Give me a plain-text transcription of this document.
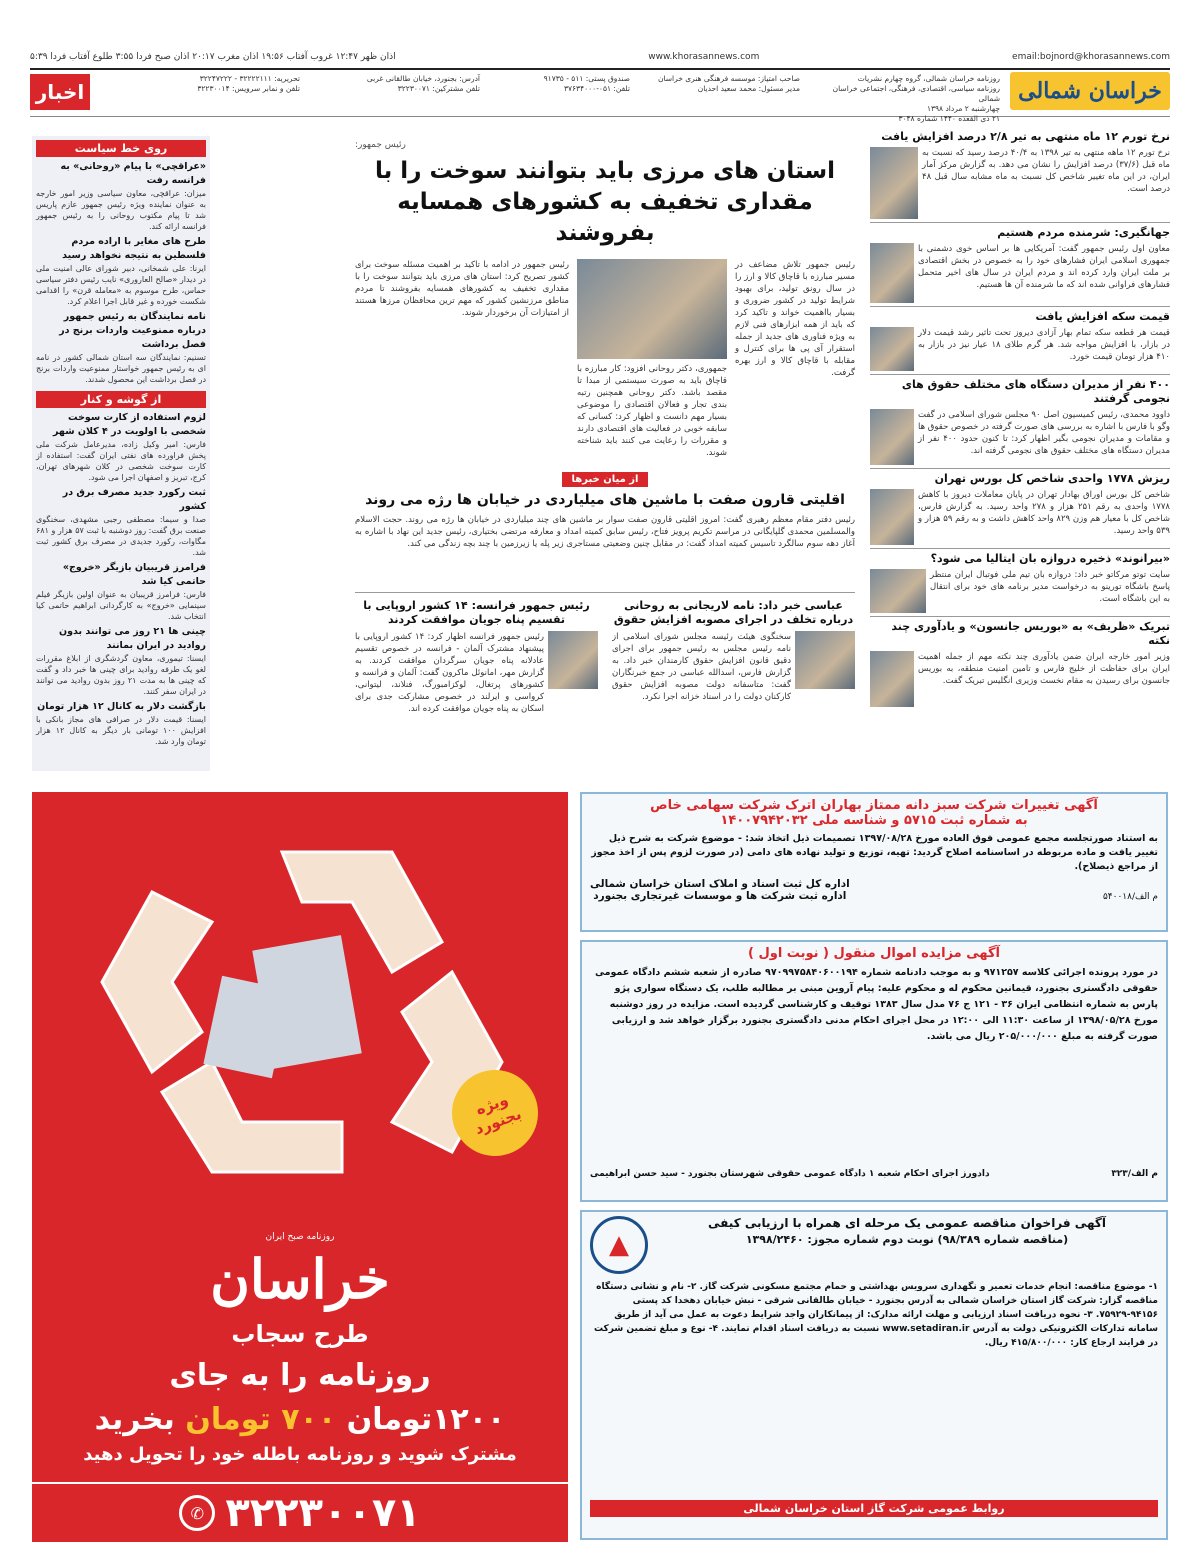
اذان ظهر ۱۲:۴۷ غروب آفتاب ۱۹:۵۶ اذان مغرب ۲۰:۱۷ اذان صبح فردا ۳:۵۵ طلوع آفتاب فردا ۵:۳۹	www.khorasannews.com	email:bojnord@khorasannews.com
خراسان شمالی
روزنامه خراسان شمالی، گروه چهارم نشریات
روزنامه سیاسی، اقتصادی، فرهنگی، اجتماعی خراسان شمالی
چهارشنبه ۲ مرداد ۱۳۹۸
۲۱ ذی القعده ۱۴۴۰ شماره ۳۰۴۸
صاحب امتیاز: موسسه فرهنگی هنری خراسان
مدیر مسئول: محمد سعید احدیان
صندوق پستی: ۵۱۱ - ۹۱۷۳۵
تلفن: ۰۵۱-۳۷۶۳۴۰۰۰
آدرس: بجنورد، خیابان طالقانی غربی
تلفن مشترکین: ۳۲۲۳۰۰۷۱
تحریریه: ۳۲۲۲۲۱۱۱ - ۳۲۲۴۷۲۲۲
تلفن و نمابر سرویس: ۳۲۲۳۰۰۱۴
اخبار
نرخ تورم ۱۲ ماه منتهی به تیر ۲/۸ درصد افزایش یافت
نرخ تورم ۱۲ ماهه منتهی به تیر ۱۳۹۸ به ۴۰/۴ درصد رسید که نسبت به ماه قبل (۳۷/۶) درصد افزایش را نشان می دهد. به گزارش مرکز آمار ایران، در این ماه تغییر شاخص کل نسبت به ماه مشابه سال قبل ۴۸ درصد است.
جهانگیری: شرمنده مردم هستیم
معاون اول رئیس جمهور گفت: آمریکایی ها بر اساس خوی دشمنی با جمهوری اسلامی ایران فشارهای خود را به خصوص در بخش اقتصادی بر ملت ایران وارد کرده اند و مردم ایران در سال های اخیر متحمل فشارهای فراوانی شده اند که ما شرمنده آن ها هستیم.
قیمت سکه افزایش یافت
قیمت هر قطعه سکه تمام بهار آزادی دیروز تحت تاثیر رشد قیمت دلار در بازار، با افزایش مواجه شد. هر گرم طلای ۱۸ عیار نیز در بازار به ۴۱۰ هزار تومان قیمت خورد.
۴۰۰ نفر از مدیران دستگاه های مختلف حقوق های نجومی گرفتند
داوود محمدی، رئیس کمیسیون اصل ۹۰ مجلس شورای اسلامی در گفت وگو با فارس با اشاره به بررسی های صورت گرفته در خصوص حقوق ها و مقامات و مدیران نجومی بگیر اظهار کرد: تا کنون حدود ۴۰۰ نفر از مدیران دستگاه های مختلف حقوق های نجومی گرفته اند.
ریزش ۱۷۷۸ واحدی شاخص کل بورس تهران
شاخص کل بورس اوراق بهادار تهران در پایان معاملات دیروز با کاهش ۱۷۷۸ واحدی به رقم ۲۵۱ هزار و ۲۷۸ واحد رسید. به گزارش فارس، شاخص کل با معیار هم وزن ۸۲۹ واحد کاهش داشت و به رقم ۵۹ هزار و ۵۳۹ واحد رسید.
«بیرانوند» ذخیره دروازه بان ایتالیا می شود؟
سایت توتو مرکاتو خبر داد: دروازه بان تیم ملی فوتبال ایران منتظر پاسخ باشگاه تورینو به درخواست مدیر برنامه های خود برای انتقال به این باشگاه است.
تبریک «ظریف» به «بوریس جانسون» و یادآوری چند نکته
وزیر امور خارجه ایران ضمن یادآوری چند نکته مهم از جمله اهمیت ایران برای حفاظت از خلیج فارس و تامین امنیت منطقه، به بوریس جانسون برای رسیدن به مقام نخست وزیری انگلیس تبریک گفت.
رئیس جمهور:
استان های مرزی باید بتوانند سوخت را با مقداری تخفیف به کشورهای همسایه بفروشند
رئیس جمهور تلاش مضاعف در مسیر مبارزه با قاچاق کالا و ارز را در سال رونق تولید، برای بهبود شرایط تولید در کشور ضروری و بسیار بااهمیت خواند و تاکید کرد که باید از همه ابزارهای فنی لازم به ویژه فناوری های جدید از جمله استقرار آی پی ها برای کنترل و مقابله با قاچاق کالا و ارز بهره گرفت.
جمهوری، دکتر روحانی افزود: کار مبارزه با قاچاق باید به صورت سیستمی از مبدا تا مقصد باشد. دکتر روحانی همچنین رتبه بندی تجار و فعالان اقتصادی را موضوعی بسیار مهم دانست و اظهار کرد: کسانی که سابقه خوبی در فعالیت های اقتصادی دارند و مقررات را رعایت می کنند باید شناخته شوند.
رئیس جمهور در ادامه با تاکید بر اهمیت مسئله سوخت برای کشور تصریح کرد: استان های مرزی باید بتوانند سوخت را با مقداری تخفیف به کشورهای همسایه بفروشند تا مردم مناطق مرزنشین کشور که مهم ترین محافظان مرزها هستند از امتیازات آن برخوردار شوند.
از میان خبرها
اقلیتی قارون صفت با ماشین های میلیاردی در خیابان ها رژه می روند
رئیس دفتر مقام معظم رهبری گفت: امروز اقلیتی قارون صفت سوار بر ماشین های چند میلیاردی در خیابان ها رژه می روند. حجت الاسلام والمسلمین محمدی گلپایگانی در مراسم تکریم پرویز فتاح، رئیس سابق کمیته امداد و معارفه مرتضی بختیاری، رئیس جدید این نهاد با اشاره به آغاز دهه سوم سالگرد تاسیس کمیته امداد گفت: در مقابل چنین وضعیتی مستاجری زیر پله یا زیرزمین با چند بچه زندگی می کند.
عباسی خبر داد: نامه لاریجانی به روحانی درباره تخلف در اجرای مصوبه افزایش حقوق
سخنگوی هیئت رئیسه مجلس شورای اسلامی از نامه رئیس مجلس به رئیس جمهور برای اجرای دقیق قانون افزایش حقوق کارمندان خبر داد. به گزارش فارس، اسدالله عباسی در جمع خبرنگاران گفت: متاسفانه دولت مصوبه افزایش حقوق کارکنان دولت را در اسناد خزانه اجرا نکرد.
رئیس جمهور فرانسه: ۱۴ کشور اروپایی با تقسیم پناه جویان موافقت کردند
رئیس جمهور فرانسه اظهار کرد: ۱۴ کشور اروپایی با پیشنهاد مشترک آلمان - فرانسه در خصوص تقسیم عادلانه پناه جویان سرگردان موافقت کردند. به گزارش مهر، امانوئل ماکرون گفت: آلمان و فرانسه و کشورهای پرتغال، لوکزامبورگ، فنلاند، لیتوانی، کرواسی و ایرلند در خصوص مشارکت جدی برای اسکان به پناه جویان موافقت کرده اند.
روی خط سیاست
«عراقچی» با پیام «روحانی» به فرانسه رفت
میزان: عراقچی، معاون سیاسی وزیر امور خارجه به عنوان نماینده ویژه رئیس جمهور عازم پاریس شد تا پیام مکتوب روحانی را به رئیس جمهور فرانسه ارائه کند.
طرح های مغایر با اراده مردم فلسطین به نتیجه نخواهد رسید
ایرنا: علی شمخانی، دبیر شورای عالی امنیت ملی در دیدار «صالح العاروری» نایب رئیس دفتر سیاسی حماس، طرح موسوم به «معامله قرن» را اقدامی شکست خورده و غیر قابل اجرا اعلام کرد.
نامه نمایندگان به رئیس جمهور درباره ممنوعیت واردات برنج در فصل برداشت
تسنیم: نمایندگان سه استان شمالی کشور در نامه ای به رئیس جمهور خواستار ممنوعیت واردات برنج در فصل برداشت این محصول شدند.
از گوشه و کنار
لزوم استفاده از کارت سوخت شخصی با اولویت در ۴ کلان شهر
فارس: امیر وکیل زاده، مدیرعامل شرکت ملی پخش فراورده های نفتی ایران گفت: استفاده از کارت سوخت شخصی در کلان شهرهای تهران، کرج، تبریز و اصفهان اجرا می شود.
ثبت رکورد جدید مصرف برق در کشور
صدا و سیما: مصطفی رجبی مشهدی، سخنگوی صنعت برق گفت: روز دوشنبه با ثبت ۵۷ هزار و ۶۸۱ مگاوات، رکورد جدیدی در مصرف برق کشور ثبت شد.
فرامرز قریبیان بازیگر «خروج» حاتمی کیا شد
فارس: فرامرز قریبیان به عنوان اولین بازیگر فیلم سینمایی «خروج» به کارگردانی ابراهیم حاتمی کیا انتخاب شد.
چینی ها ۲۱ روز می توانند بدون روادید در ایران بمانند
ایسنا: تیموری، معاون گردشگری از ابلاغ مقررات لغو یک طرفه روادید برای چینی ها خبر داد و گفت که چینی ها به مدت ۲۱ روز بدون روادید می توانند در ایران سفر کنند.
بازگشت دلار به کانال ۱۲ هزار تومان
ایسنا: قیمت دلار در صرافی های مجاز بانکی با افزایش ۱۰۰ تومانی بار دیگر به کانال ۱۲ هزار تومان وارد شد.
ویژه بجنورد
روزنامه صبح ایران
خراسان
طرح سجاب
روزنامه را به جای
۱۲۰۰تومان ۷۰۰ تومان بخرید
مشترک شوید و روزنامه باطله خود را تحویل دهید
۳۲۲۳۰۰۷۱
✆
آگهی تغییرات شرکت سبز دانه ممتاز بهاران اترک شرکت سهامی خاص
به شماره ثبت ۵۷۱۵ و شناسه ملی ۱۴۰۰۷۹۴۲۰۳۲
به استناد صورتجلسه مجمع عمومی فوق العاده مورخ ۱۳۹۷/۰۸/۲۸ تصمیمات ذیل اتخاذ شد: - موضوع شرکت به شرح ذیل تغییر یافت و ماده مربوطه در اساسنامه اصلاح گردید: تهیه، توزیع و تولید نهاده های دامی (در صورت لزوم پس از اخذ مجوز از مراجع ذیصلاح).
م الف/۵۴۰۰۱۸
اداره کل ثبت اسناد و املاک استان خراسان شمالی
اداره ثبت شرکت ها و موسسات غیرتجاری بجنورد
آگهی مزایده اموال منقول ( نوبت اول )
در مورد پرونده اجرائی کلاسه ۹۷۱۲۵۷ و به موجب دادنامه شماره ۹۷۰۹۹۷۵۸۴۰۶۰۰۱۹۴ صادره از شعبه ششم دادگاه عمومی حقوقی دادگستری بجنورد، قیمانین محکوم له و محکوم علیه: پیام آروین مبنی بر مطالبه طلب، یک دستگاه سواری پژو پارس به شماره انتظامی ایران ۳۶ - ۱۲۱ ج ۷۶ مدل سال ۱۳۸۳ توقیف و کارشناسی گردیده است. مزایده در روز دوشنبه مورخ ۱۳۹۸/۰۵/۲۸ از ساعت ۱۱:۳۰ الی ۱۲:۰۰ در محل اجرای احکام مدنی دادگستری بجنورد برگزار خواهد شد و ارزیابی صورت گرفته به مبلغ ۲۰۵/۰۰۰/۰۰۰ ریال می باشد.
م الف/۳۲۳
دادورز اجرای احکام شعبه ۱ دادگاه عمومی حقوقی شهرستان بجنورد - سید حسن ابراهیمی
آگهی فراخوان مناقصه عمومی یک مرحله ای همراه با ارزیابی کیفی
(مناقصه شماره ۹۸/۳۸۹) نوبت دوم شماره مجوز: ۱۳۹۸/۲۴۶۰
▲
۱- موضوع مناقصه: انجام خدمات تعمیر و نگهداری سرویس بهداشتی و حمام مجتمع مسکونی شرکت گاز. ۲- نام و نشانی دستگاه مناقصه گزار: شرکت گاز استان خراسان شمالی به آدرس بجنورد - خیابان طالقانی شرقی - نبش خیابان دهخدا کد پستی ۹۴۱۵۶-۷۵۹۲۹. ۳- نحوه دریافت اسناد ارزیابی و مهلت ارائه مدارک: از پیمانکاران واجد شرایط دعوت به عمل می آید از طریق سامانه تدارکات الکترونیکی دولت به آدرس www.setadiran.ir نسبت به دریافت اسناد اقدام نمایند. ۴- نوع و مبلغ تضمین شرکت در فرایند ارجاع کار: ۴۱۵/۸۰۰/۰۰۰ ریال.
روابط عمومی شرکت گاز استان خراسان شمالی
